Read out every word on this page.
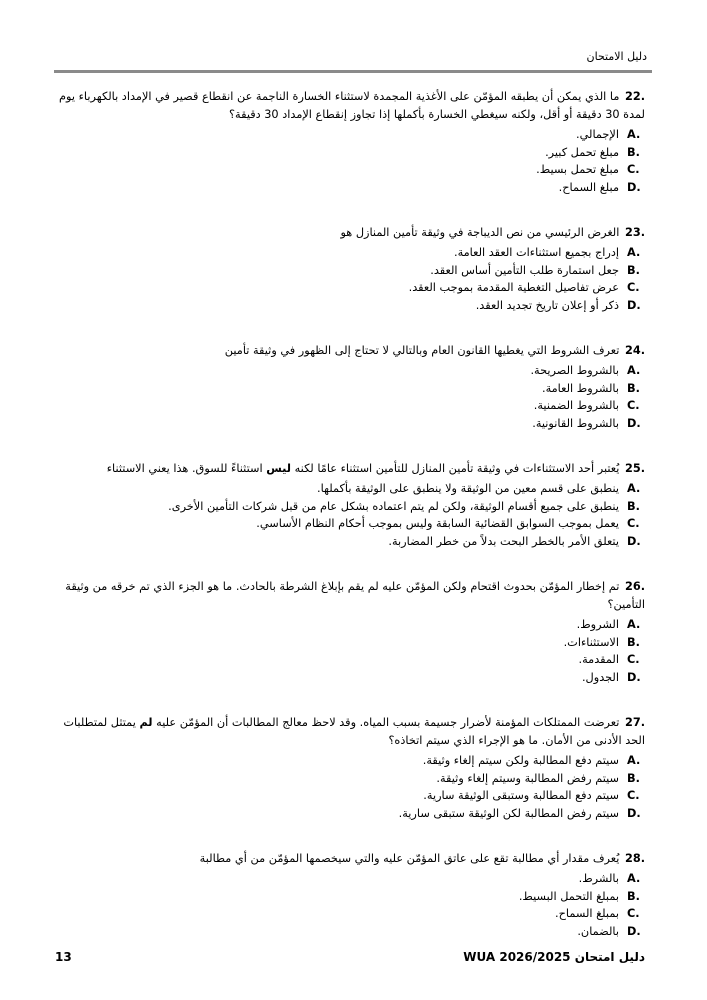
دليل الامتحان

22. ما الذي يمكن أن يطبقه المؤمّن على الأغذية المجمدة لاستثناء الخسارة الناجمة عن انقطاع قصير في الإمداد بالكهرباء يوم لمدة 30 دقيقة أو أقل، ولكنه سيغطي الخسارة بأكملها إذا تجاوز إنقطاع الإمداد 30 دقيقة؟

A.
الإجمالي.
B.
مبلغ تحمل كبير.
C.
مبلغ تحمل بسيط.
D.
مبلغ السماح.

23. الغرض الرئيسي من نص الديباجة في وثيقة تأمين المنازل هو

A.
إدراج بجميع استثناءات العقد العامة.
B.
جعل استمارة طلب التأمين أساس العقد.
C.
عرض تفاصيل التغطية المقدمة بموجب العقد.
D.
ذكر أو إعلان تاريخ تجديد العقد.

24. تعرف الشروط التي يغطيها القانون العام وبالتالي لا تحتاج إلى الظهور في وثيقة تأمين

A.
بالشروط الصريحة.
B.
بالشروط العامة.
C.
بالشروط الضمنية.
D.
بالشروط القانونية.

25. يُعتبر أحد الاستثناءات في وثيقة تأمين المنازل للتأمين استثناء عامًا لكنه ليس استثناءً للسوق. هذا يعني الاستثناء

A.
ينطبق على قسم معين من الوثيقة ولا ينطبق على الوثيقة بأكملها.
B.
ينطبق على جميع أقسام الوثيقة، ولكن لم يتم اعتماده بشكل عام من قبل شركات التأمين الأخرى.
C.
يعمل بموجب السوابق القضائية السابقة وليس بموجب أحكام النظام الأساسي.
D.
يتعلق الأمر بالخطر البحت بدلاً من خطر المضاربة.

26. تم إخطار المؤمّن بحدوث اقتحام ولكن المؤمّن عليه لم يقم بإبلاغ الشرطة بالحادث. ما هو الجزء الذي تم خرقه من وثيقة التأمين؟

A.
الشروط.
B.
الاستثناءات.
C.
المقدمة.
D.
الجدول.

27. تعرضت الممتلكات المؤمنة لأضرار جسيمة بسبب المياه. وقد لاحظ معالج المطالبات أن المؤمّن عليه لم يمتثل لمتطلبات الحد الأدنى من الأمان. ما هو الإجراء الذي سيتم اتخاذه؟

A.
سيتم دفع المطالبة ولكن سيتم إلغاء وثيقة.
B.
سيتم رفض المطالبة وسيتم إلغاء وثيقة.
C.
سيتم دفع المطالبة وستبقى الوثيقة سارية.
D.
سيتم رفض المطالبة لكن الوثيقة ستبقى سارية.

28. يُعرف مقدار أي مطالبة تقع على عاتق المؤمّن عليه والتي سيخصمها المؤمّن من أي مطالبة

A.
بالشرط.
B.
بمبلغ التحمل البسيط.
C.
بمبلغ السماح.
D.
بالضمان.
13	دليل امتحان WUA 2026/2025
